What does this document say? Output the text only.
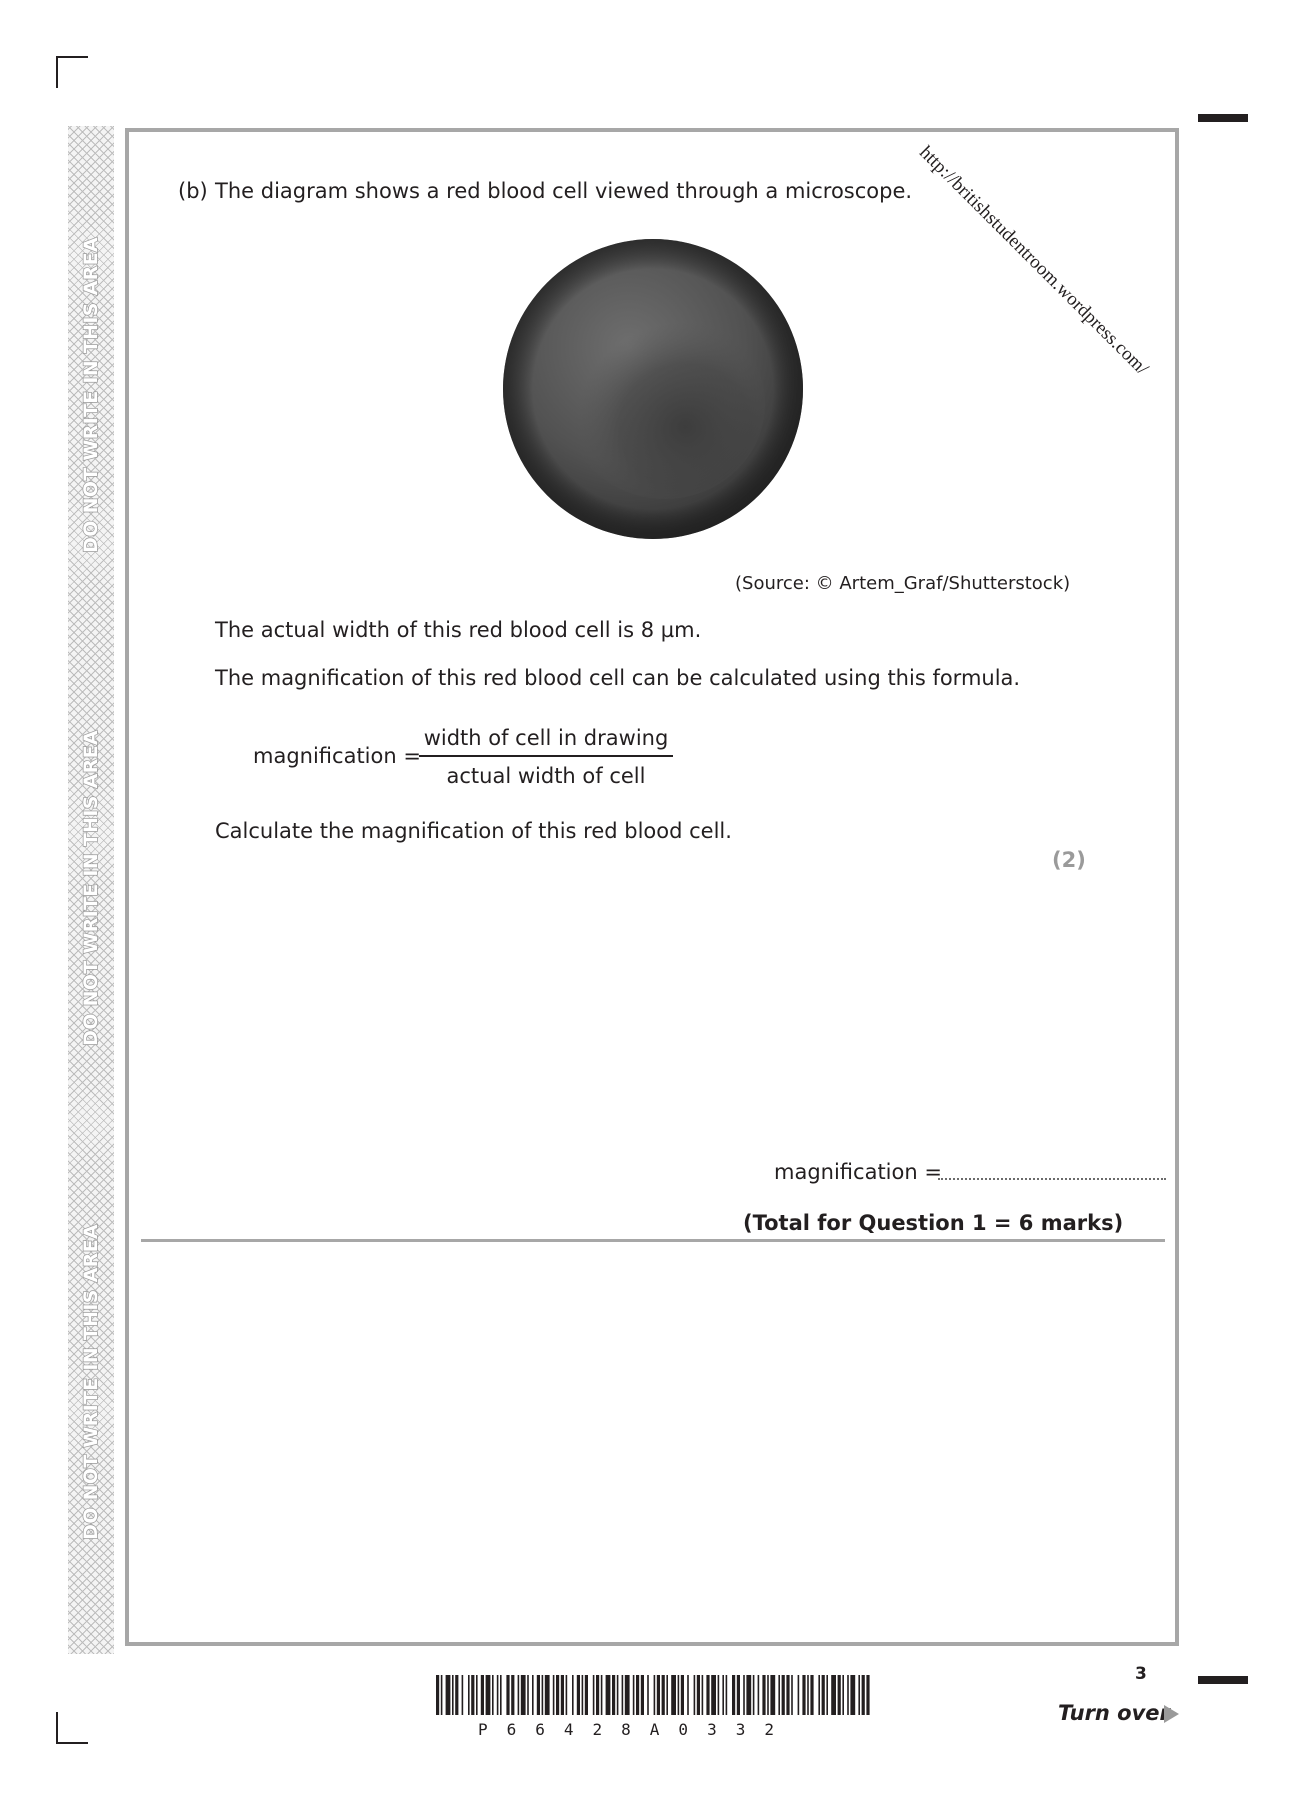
DO NOT WRITE IN THIS AREA
DO NOT WRITE IN THIS AREA
DO NOT WRITE IN THIS AREA
(b) The diagram shows a red blood cell viewed through a microscope. http://britishstudentroom.wordpress.com/
(Source: © Artem_Graf/Shutterstock)
The actual width of this red blood cell is 8 µm.
The magnification of this red blood cell can be calculated using this formula.
magnification =
width of cell in drawing
actual width of cell
Calculate the magnification of this red blood cell.
(2)
magnification =
(Total for Question 1 = 6 marks)
3
P66428A0332
Turn over
